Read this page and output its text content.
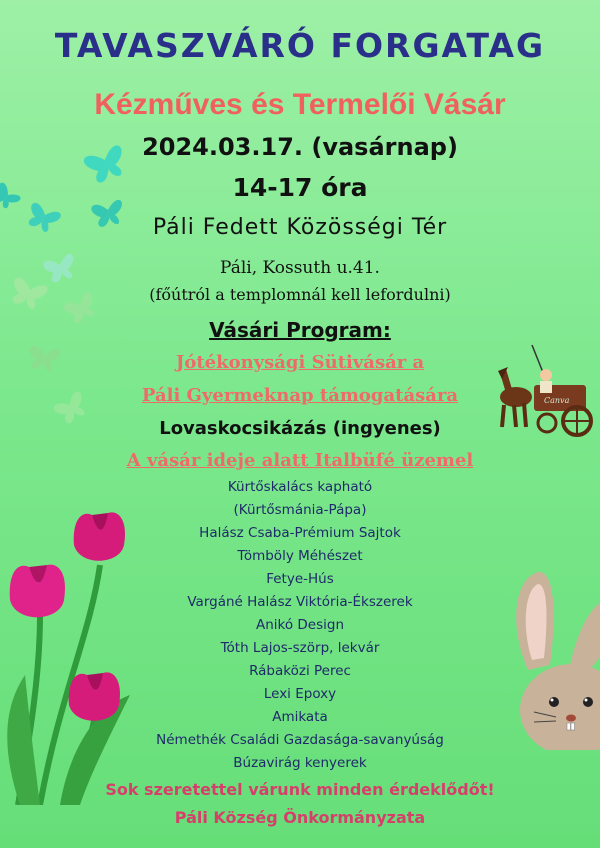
Canva
TAVASZVÁRÓ FORGATAG
Kézműves és Termelői Vásár
2024.03.17. (vasárnap)
14-17 óra
Páli Fedett Közösségi Tér
Páli, Kossuth u.41.
(főútról a templomnál kell lefordulni)
Vásári Program:
Jótékonysági Sütivásár a
Páli Gyermeknap támogatására
Lovaskocsikázás (ingyenes)
A vásár ideje alatt Italbüfé üzemel
Kürtőskalács kapható
(Kürtősmánia-Pápa)
Halász Csaba-Prémium Sajtok
Tömböly Méhészet
Fetye-Hús
Vargáné Halász Viktória-Ékszerek
Anikó Design
Tóth Lajos-szörp, lekvár
Rábaközi Perec
Lexi Epoxy
Amikata
Némethék Családi Gazdasága-savanyúság
Búzavirág kenyerek
Sok szeretettel várunk minden érdeklődőt!
Páli Község Önkormányzata
